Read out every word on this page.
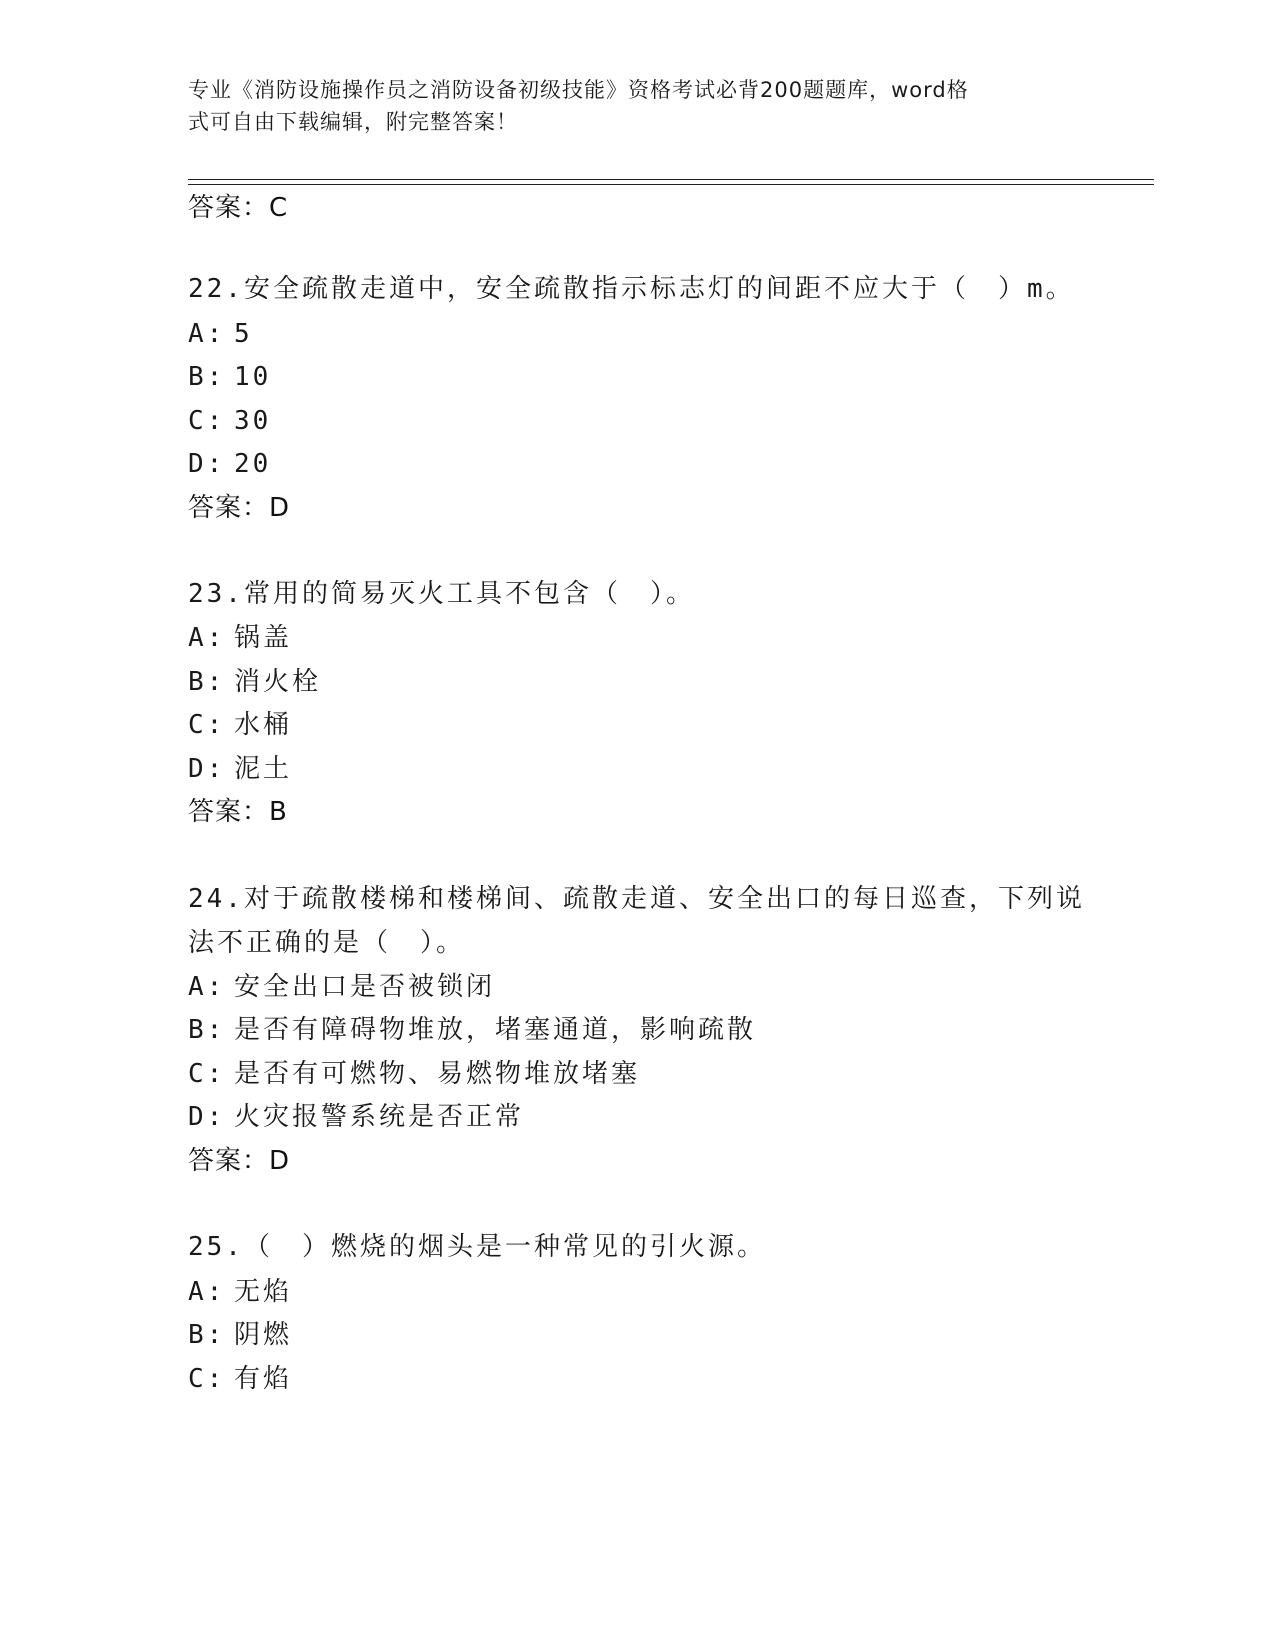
专业《消防设施操作员之消防设备初级技能》资格考试必背200题题库，word格
式可自由下载编辑，附完整答案！
答案：C
22.安全疏散走道中，安全疏散指示标志灯的间距不应大于（　）m。
A: 5
B: 10
C: 30
D: 20
答案：D
23.常用的简易灭火工具不包含（　）。
A: 锅盖
B: 消火栓
C: 水桶
D: 泥土
答案：B
24.对于疏散楼梯和楼梯间、疏散走道、安全出口的每日巡查，下列说
法不正确的是（　）。
A: 安全出口是否被锁闭
B: 是否有障碍物堆放，堵塞通道，影响疏散
C: 是否有可燃物、易燃物堆放堵塞
D: 火灾报警系统是否正常
答案：D
25.（　）燃烧的烟头是一种常见的引火源。
A: 无焰
B: 阴燃
C: 有焰
